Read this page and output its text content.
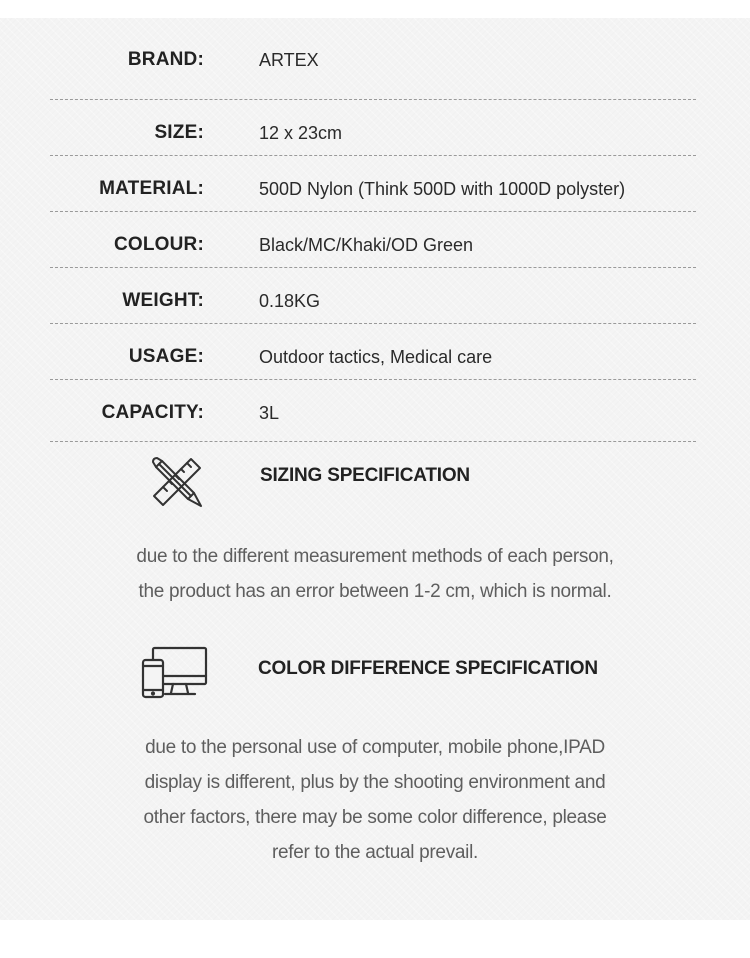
BRAND:	ARTEX
SIZE:	12 x 23cm
MATERIAL:	500D Nylon (Think 500D with 1000D polyster)
COLOUR:	Black/MC/Khaki/OD Green
WEIGHT:	0.18KG
USAGE:	Outdoor tactics, Medical care
CAPACITY:	3L
SIZING SPECIFICATION
due to the different measurement methods of each person,
the product has an error between 1-2 cm, which is normal.
COLOR DIFFERENCE SPECIFICATION
due to the personal use of computer, mobile phone,IPAD
display is different, plus by the shooting environment and
other factors, there may be some color difference, please
refer to the actual prevail.
